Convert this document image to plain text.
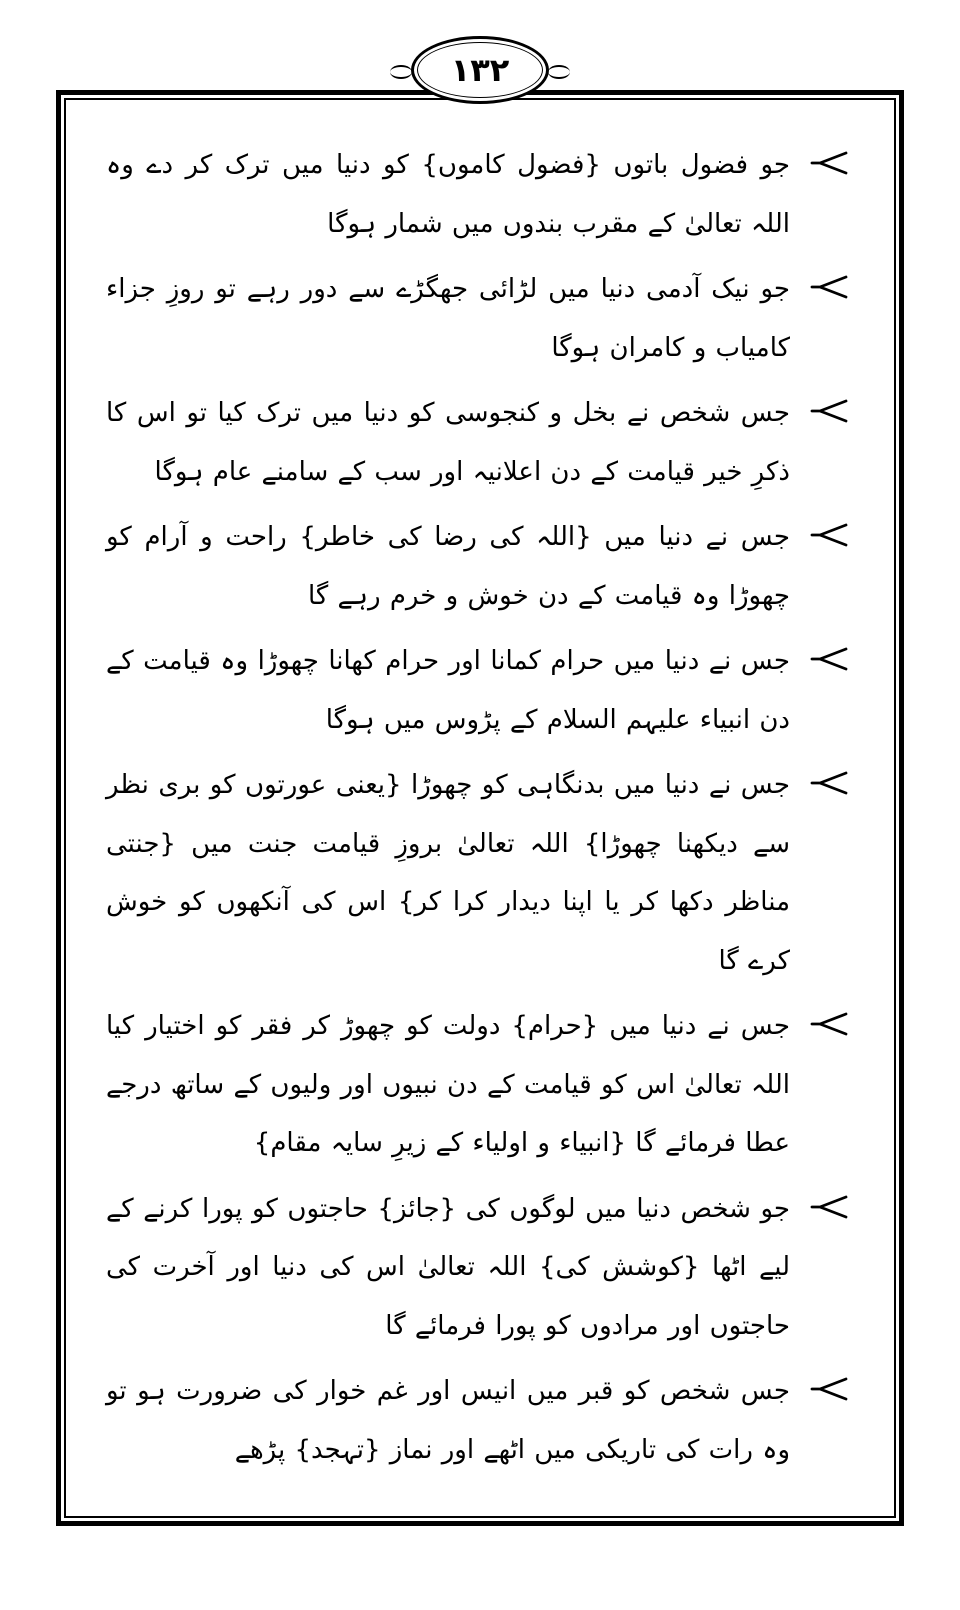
۱۳۲

جو فضول باتوں {فضول کاموں} کو دنیا میں ترک کر دے وہ اللہ تعالیٰ کے مقرب بندوں میں شمار ہوگا

جو نیک آدمی دنیا میں لڑائی جھگڑے سے دور رہے تو روزِ جزاء کامیاب و کامران ہوگا

جس شخص نے بخل و کنجوسی کو دنیا میں ترک کیا تو اس کا ذکرِ خیر قیامت کے دن اعلانیہ اور سب کے سامنے عام ہوگا

جس نے دنیا میں {اللہ کی رضا کی خاطر} راحت و آرام کو چھوڑا وہ قیامت کے دن خوش و خرم رہے گا

جس نے دنیا میں حرام کمانا اور حرام کھانا چھوڑا وہ قیامت کے دن انبیاء علیہم السلام کے پڑوس میں ہوگا

جس نے دنیا میں بدنگاہی کو چھوڑا {یعنی عورتوں کو بری نظر سے دیکھنا چھوڑا} اللہ تعالیٰ بروزِ قیامت جنت میں {جنتی مناظر دکھا کر یا اپنا دیدار کرا کر} اس کی آنکھوں کو خوش کرے گا

جس نے دنیا میں {حرام} دولت کو چھوڑ کر فقر کو اختیار کیا اللہ تعالیٰ اس کو قیامت کے دن نبیوں اور ولیوں کے ساتھ درجے عطا فرمائے گا {انبیاء و اولیاء کے زیرِ سایہ مقام}

جو شخص دنیا میں لوگوں کی {جائز} حاجتوں کو پورا کرنے کے لیے اٹھا {کوشش کی} اللہ تعالیٰ اس کی دنیا اور آخرت کی حاجتوں اور مرادوں کو پورا فرمائے گا

جس شخص کو قبر میں انیس اور غم خوار کی ضرورت ہو تو وہ رات کی تاریکی میں اٹھے اور نماز {تہجد} پڑھے
